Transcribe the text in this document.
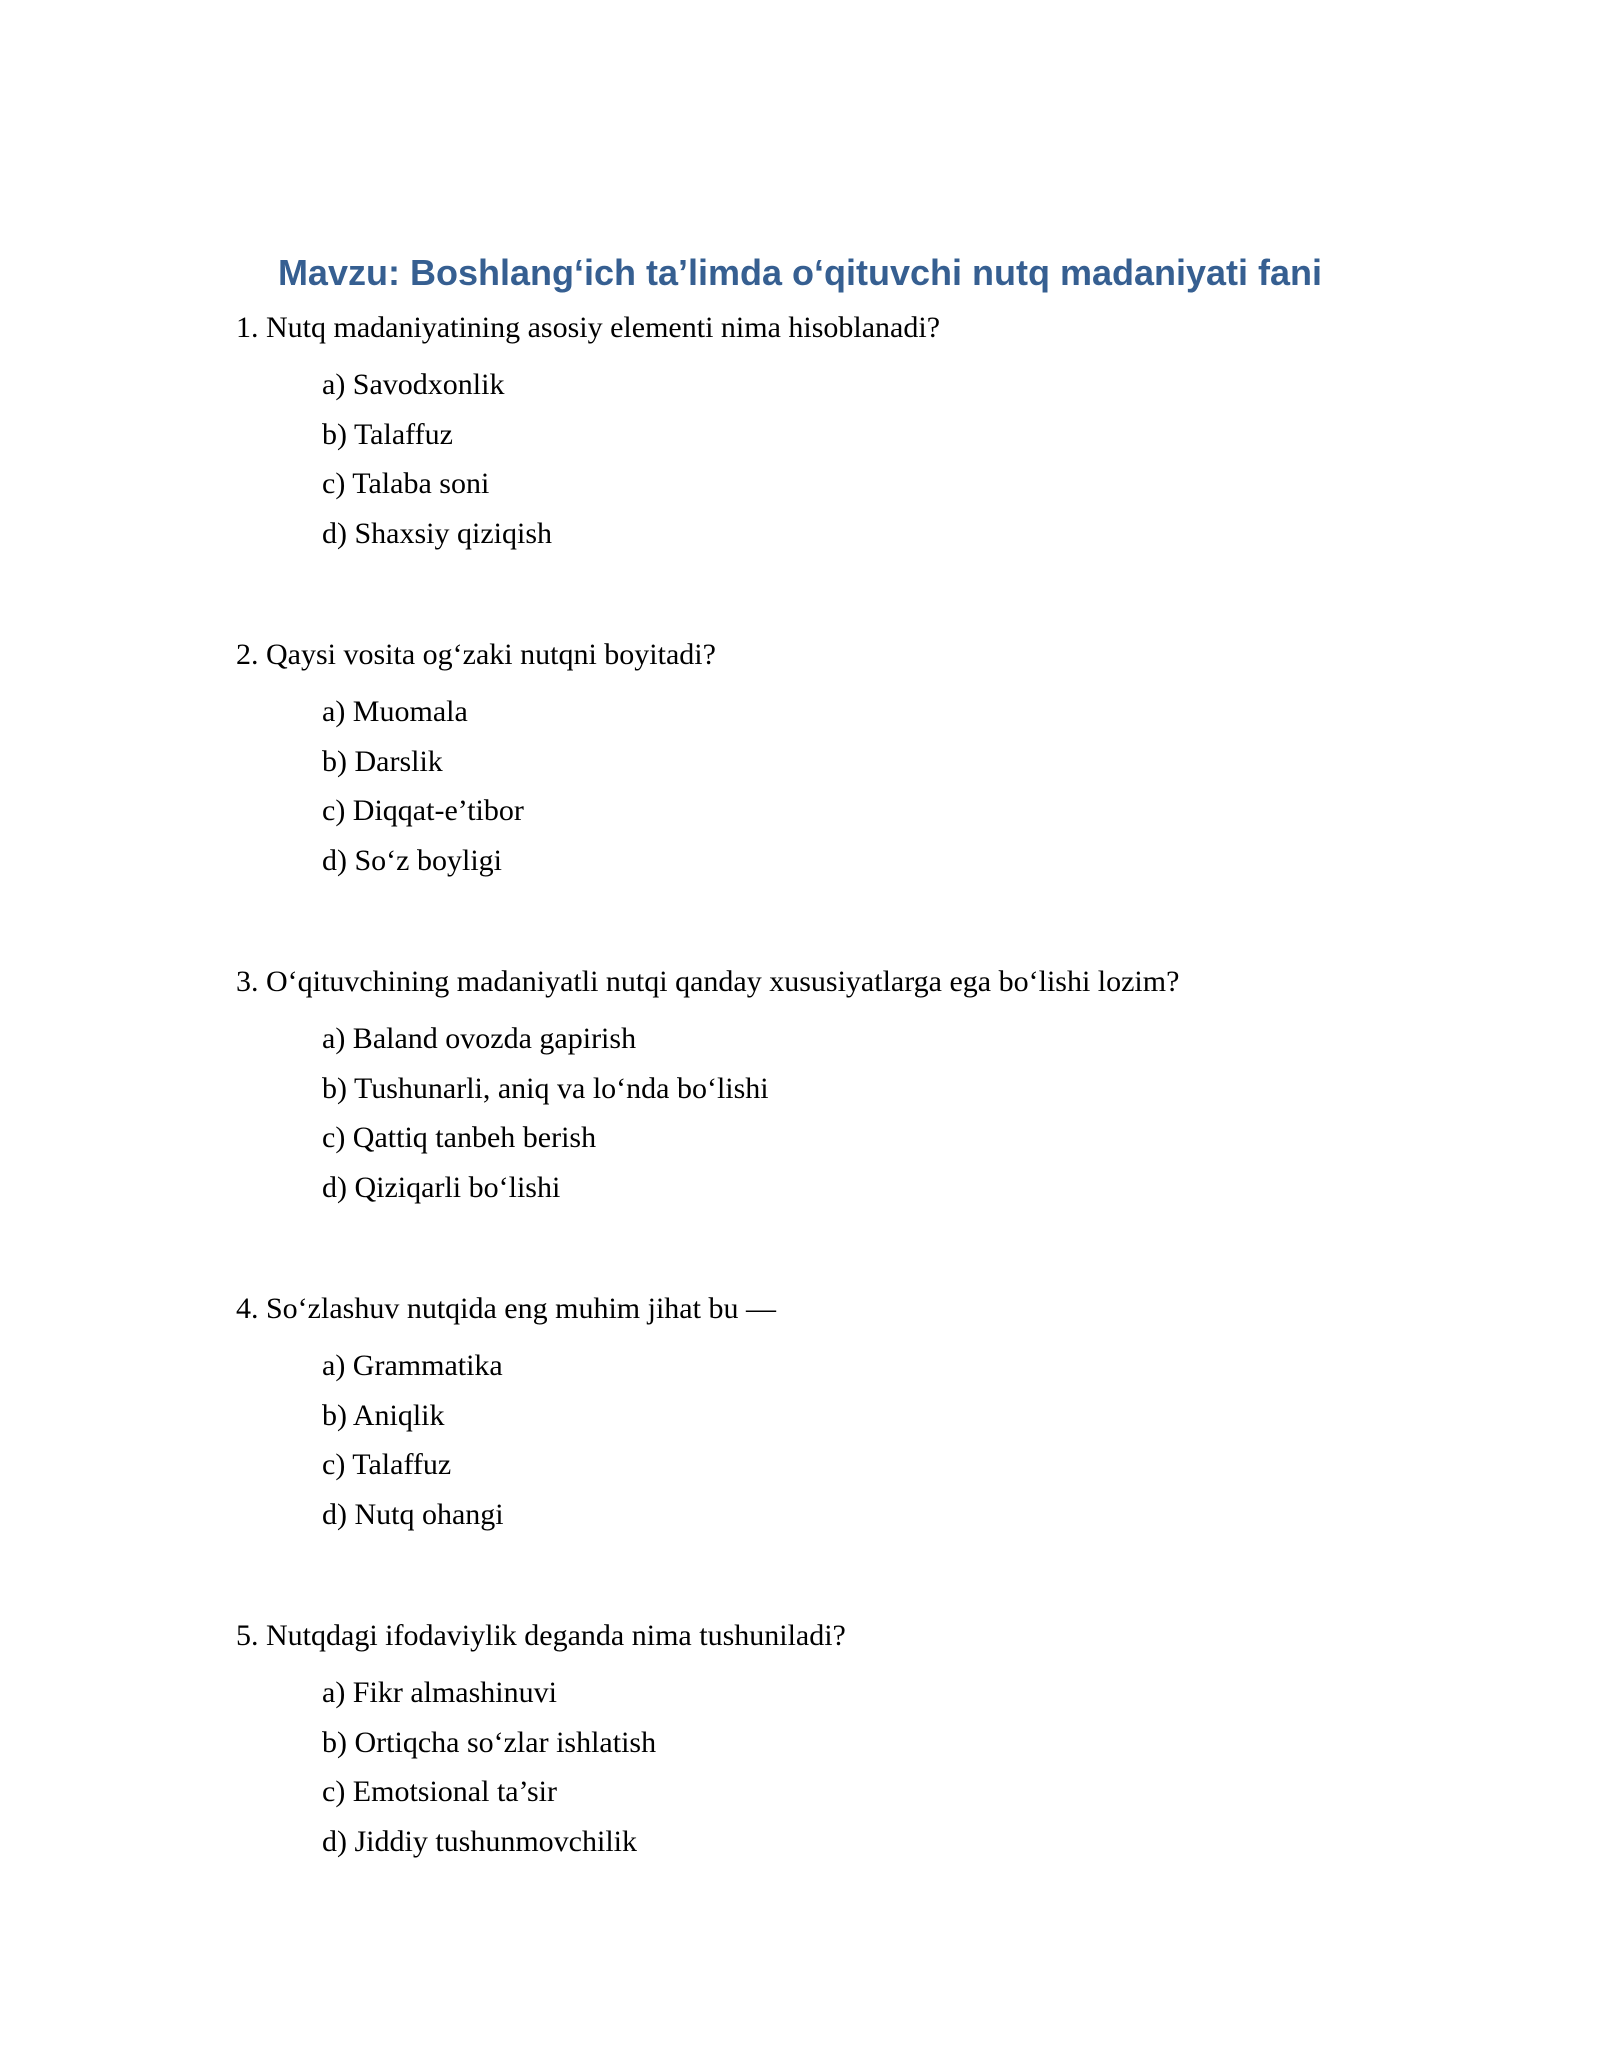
Mavzu: Boshlang‘ich ta’limda o‘qituvchi nutq madaniyati fani
1. Nutq madaniyatining asosiy elementi nima hisoblanadi?
a) Savodxonlik
b) Talaffuz
c) Talaba soni
d) Shaxsiy qiziqish
2. Qaysi vosita og‘zaki nutqni boyitadi?
a) Muomala
b) Darslik
c) Diqqat-e’tibor
d) So‘z boyligi
3. O‘qituvchining madaniyatli nutqi qanday xususiyatlarga ega bo‘lishi lozim?
a) Baland ovozda gapirish
b) Tushunarli, aniq va lo‘nda bo‘lishi
c) Qattiq tanbeh berish
d) Qiziqarli bo‘lishi
4. So‘zlashuv nutqida eng muhim jihat bu —
a) Grammatika
b) Aniqlik
c) Talaffuz
d) Nutq ohangi
5. Nutqdagi ifodaviylik deganda nima tushuniladi?
a) Fikr almashinuvi
b) Ortiqcha so‘zlar ishlatish
c) Emotsional ta’sir
d) Jiddiy tushunmovchilik
